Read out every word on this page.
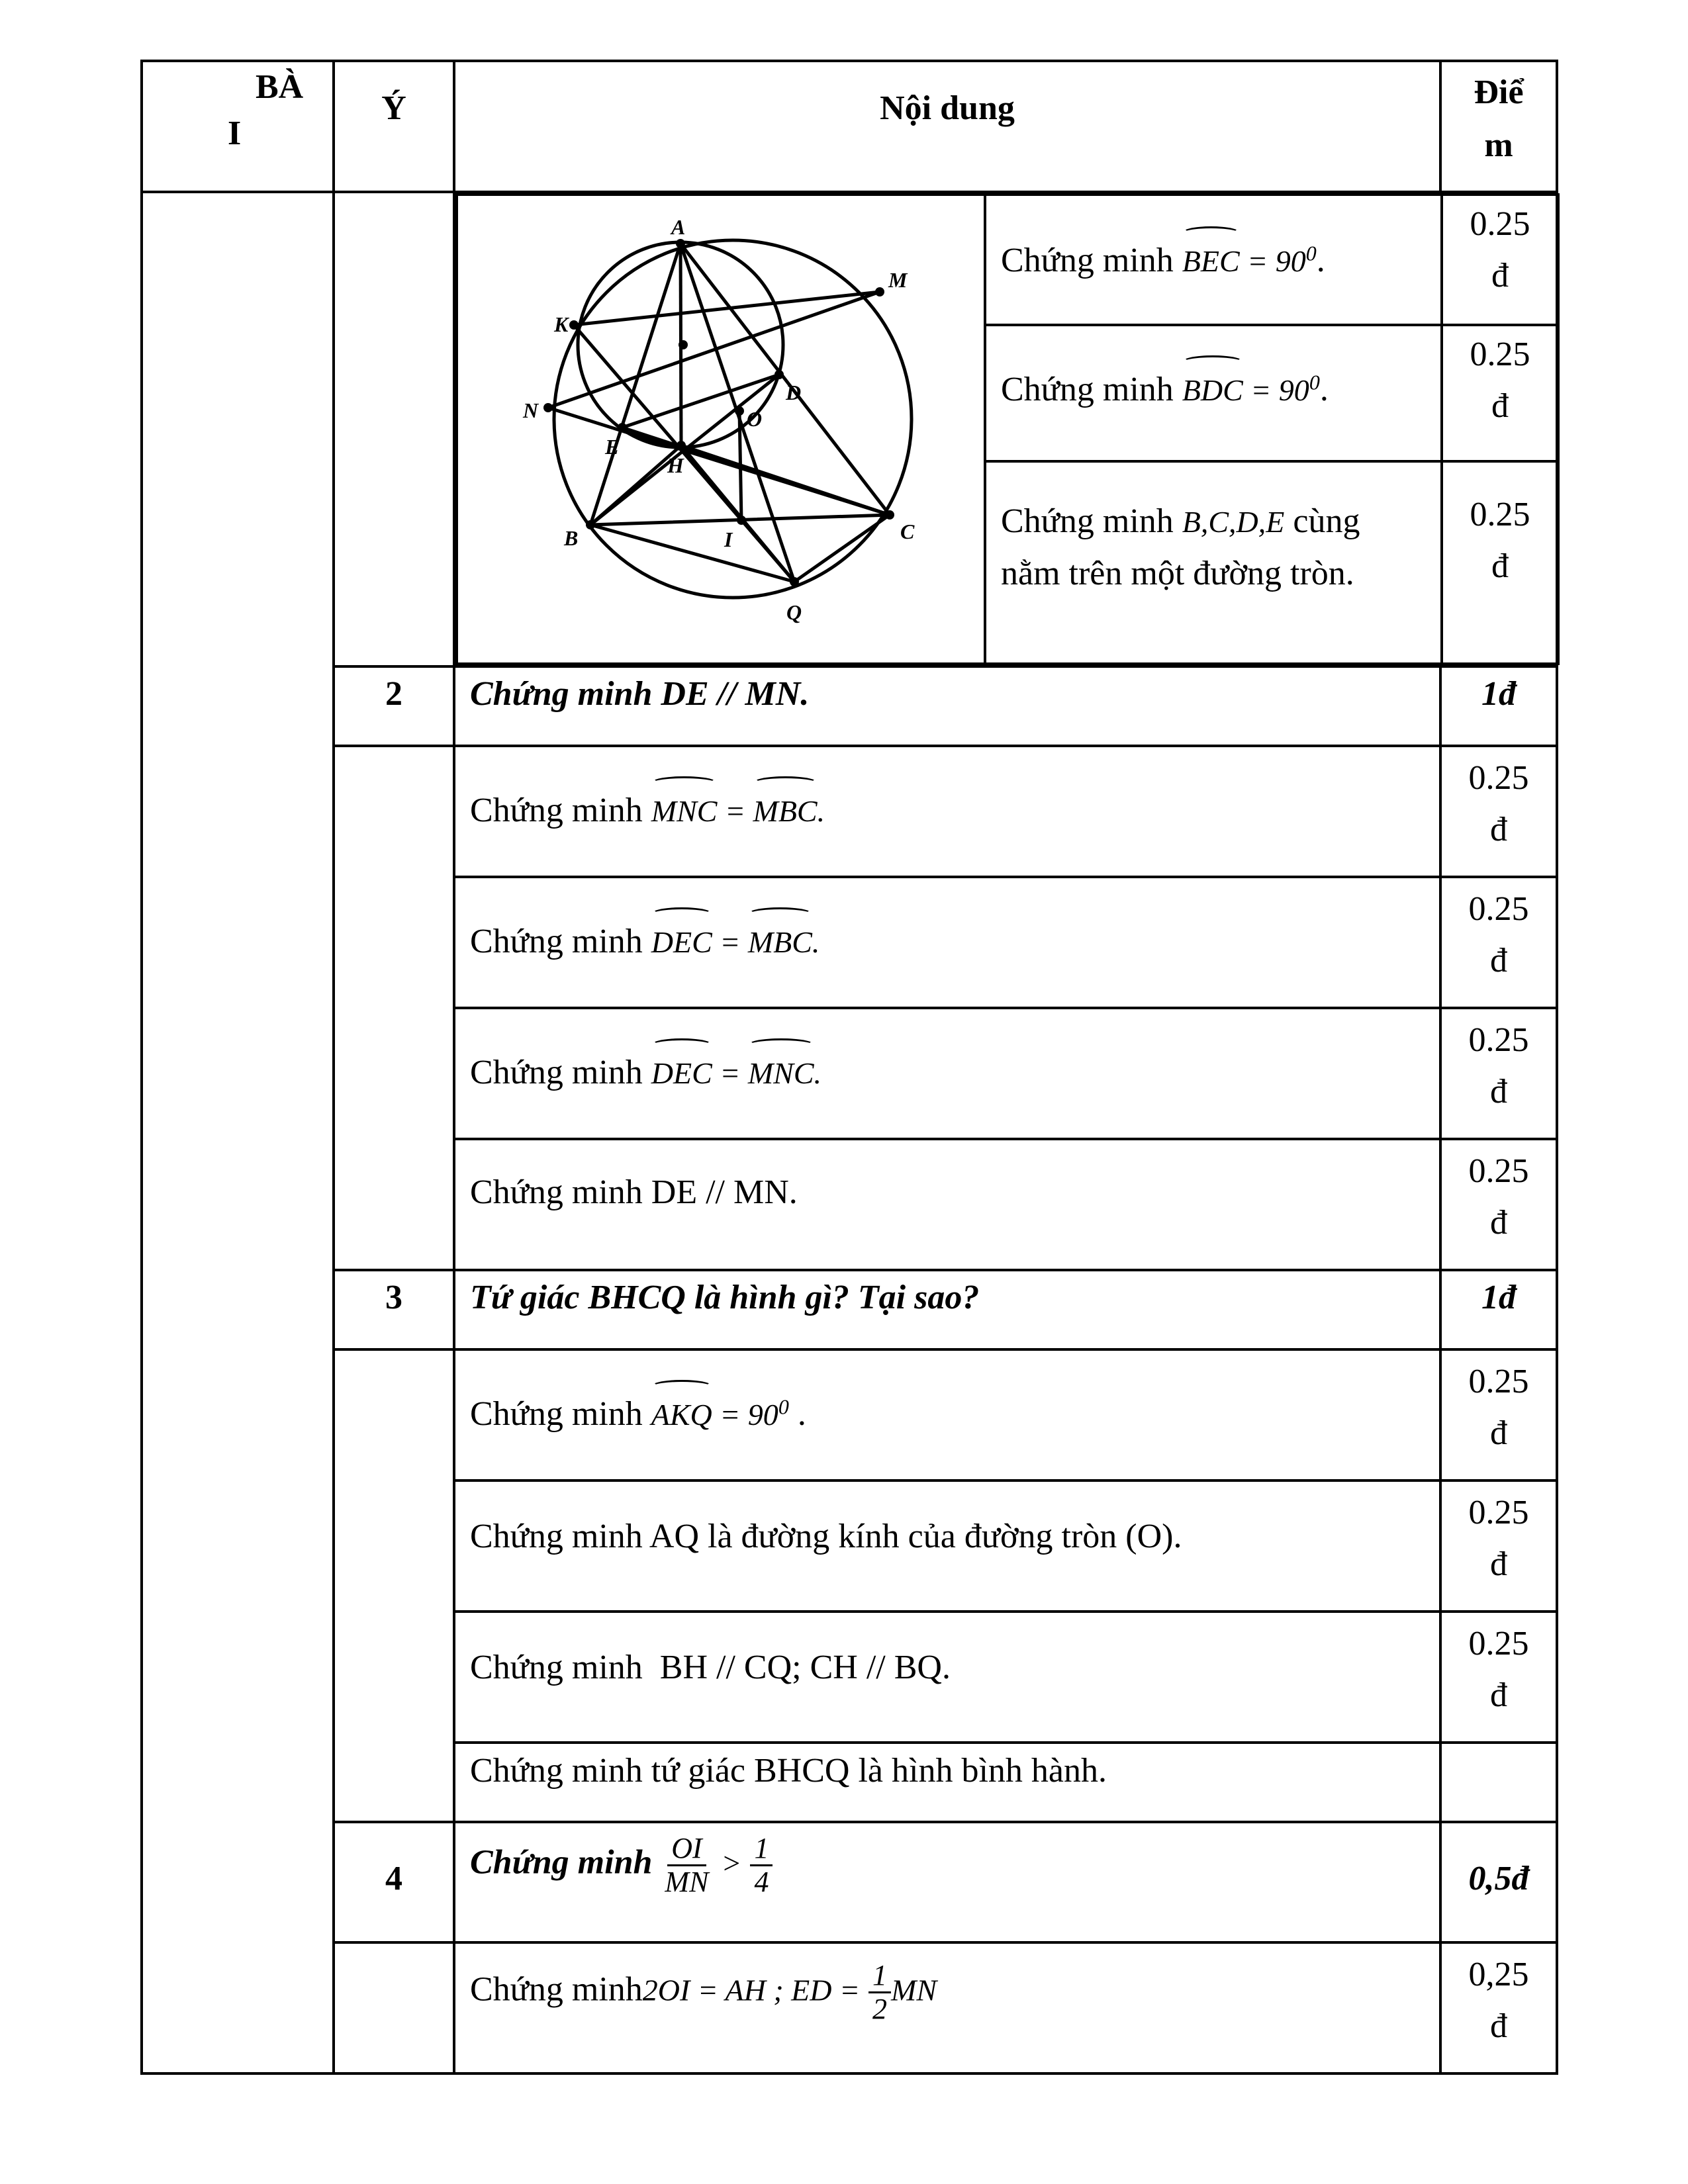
BÀ
I
	Ý	Nội dung	Điể
m

A
M
K
N
D
O
E
H
B	C
I
Q
	Chứng minh BEC = $90^0$.	0.25
đ
Chứng minh BDC = $90^0$.	0.25
đ
Chứng minh B,C,D,E cùng nằm trên một đường tròn.	0.25
đ

2	Chứng minh DE // MN.	1đ
	Chứng minh MNC = MBC.	0.25
đ
Chứng minh DEC = MBC.	0.25
đ
Chứng minh DEC = MNC.	0.25
đ
Chứng minh DE // MN.	0.25
đ
3	Tứ giác BHCQ là hình gì? Tại sao?	1đ
	Chứng minh AKQ = $90^0$ .	0.25
đ
Chứng minh AQ là đường kính của đường tròn (O).	0.25
đ
Chứng minh  BH // CQ; CH // BQ.	0.25
đ
Chứng minh tứ giác BHCQ là hình bình hành.	
4	Chứng minh $\frac{OI}{MN} > \frac{1}{4}$	0,5đ
	Chứng minh2OI = AH ; ED = $\frac{1}{2}$ MN	0,25
đ
